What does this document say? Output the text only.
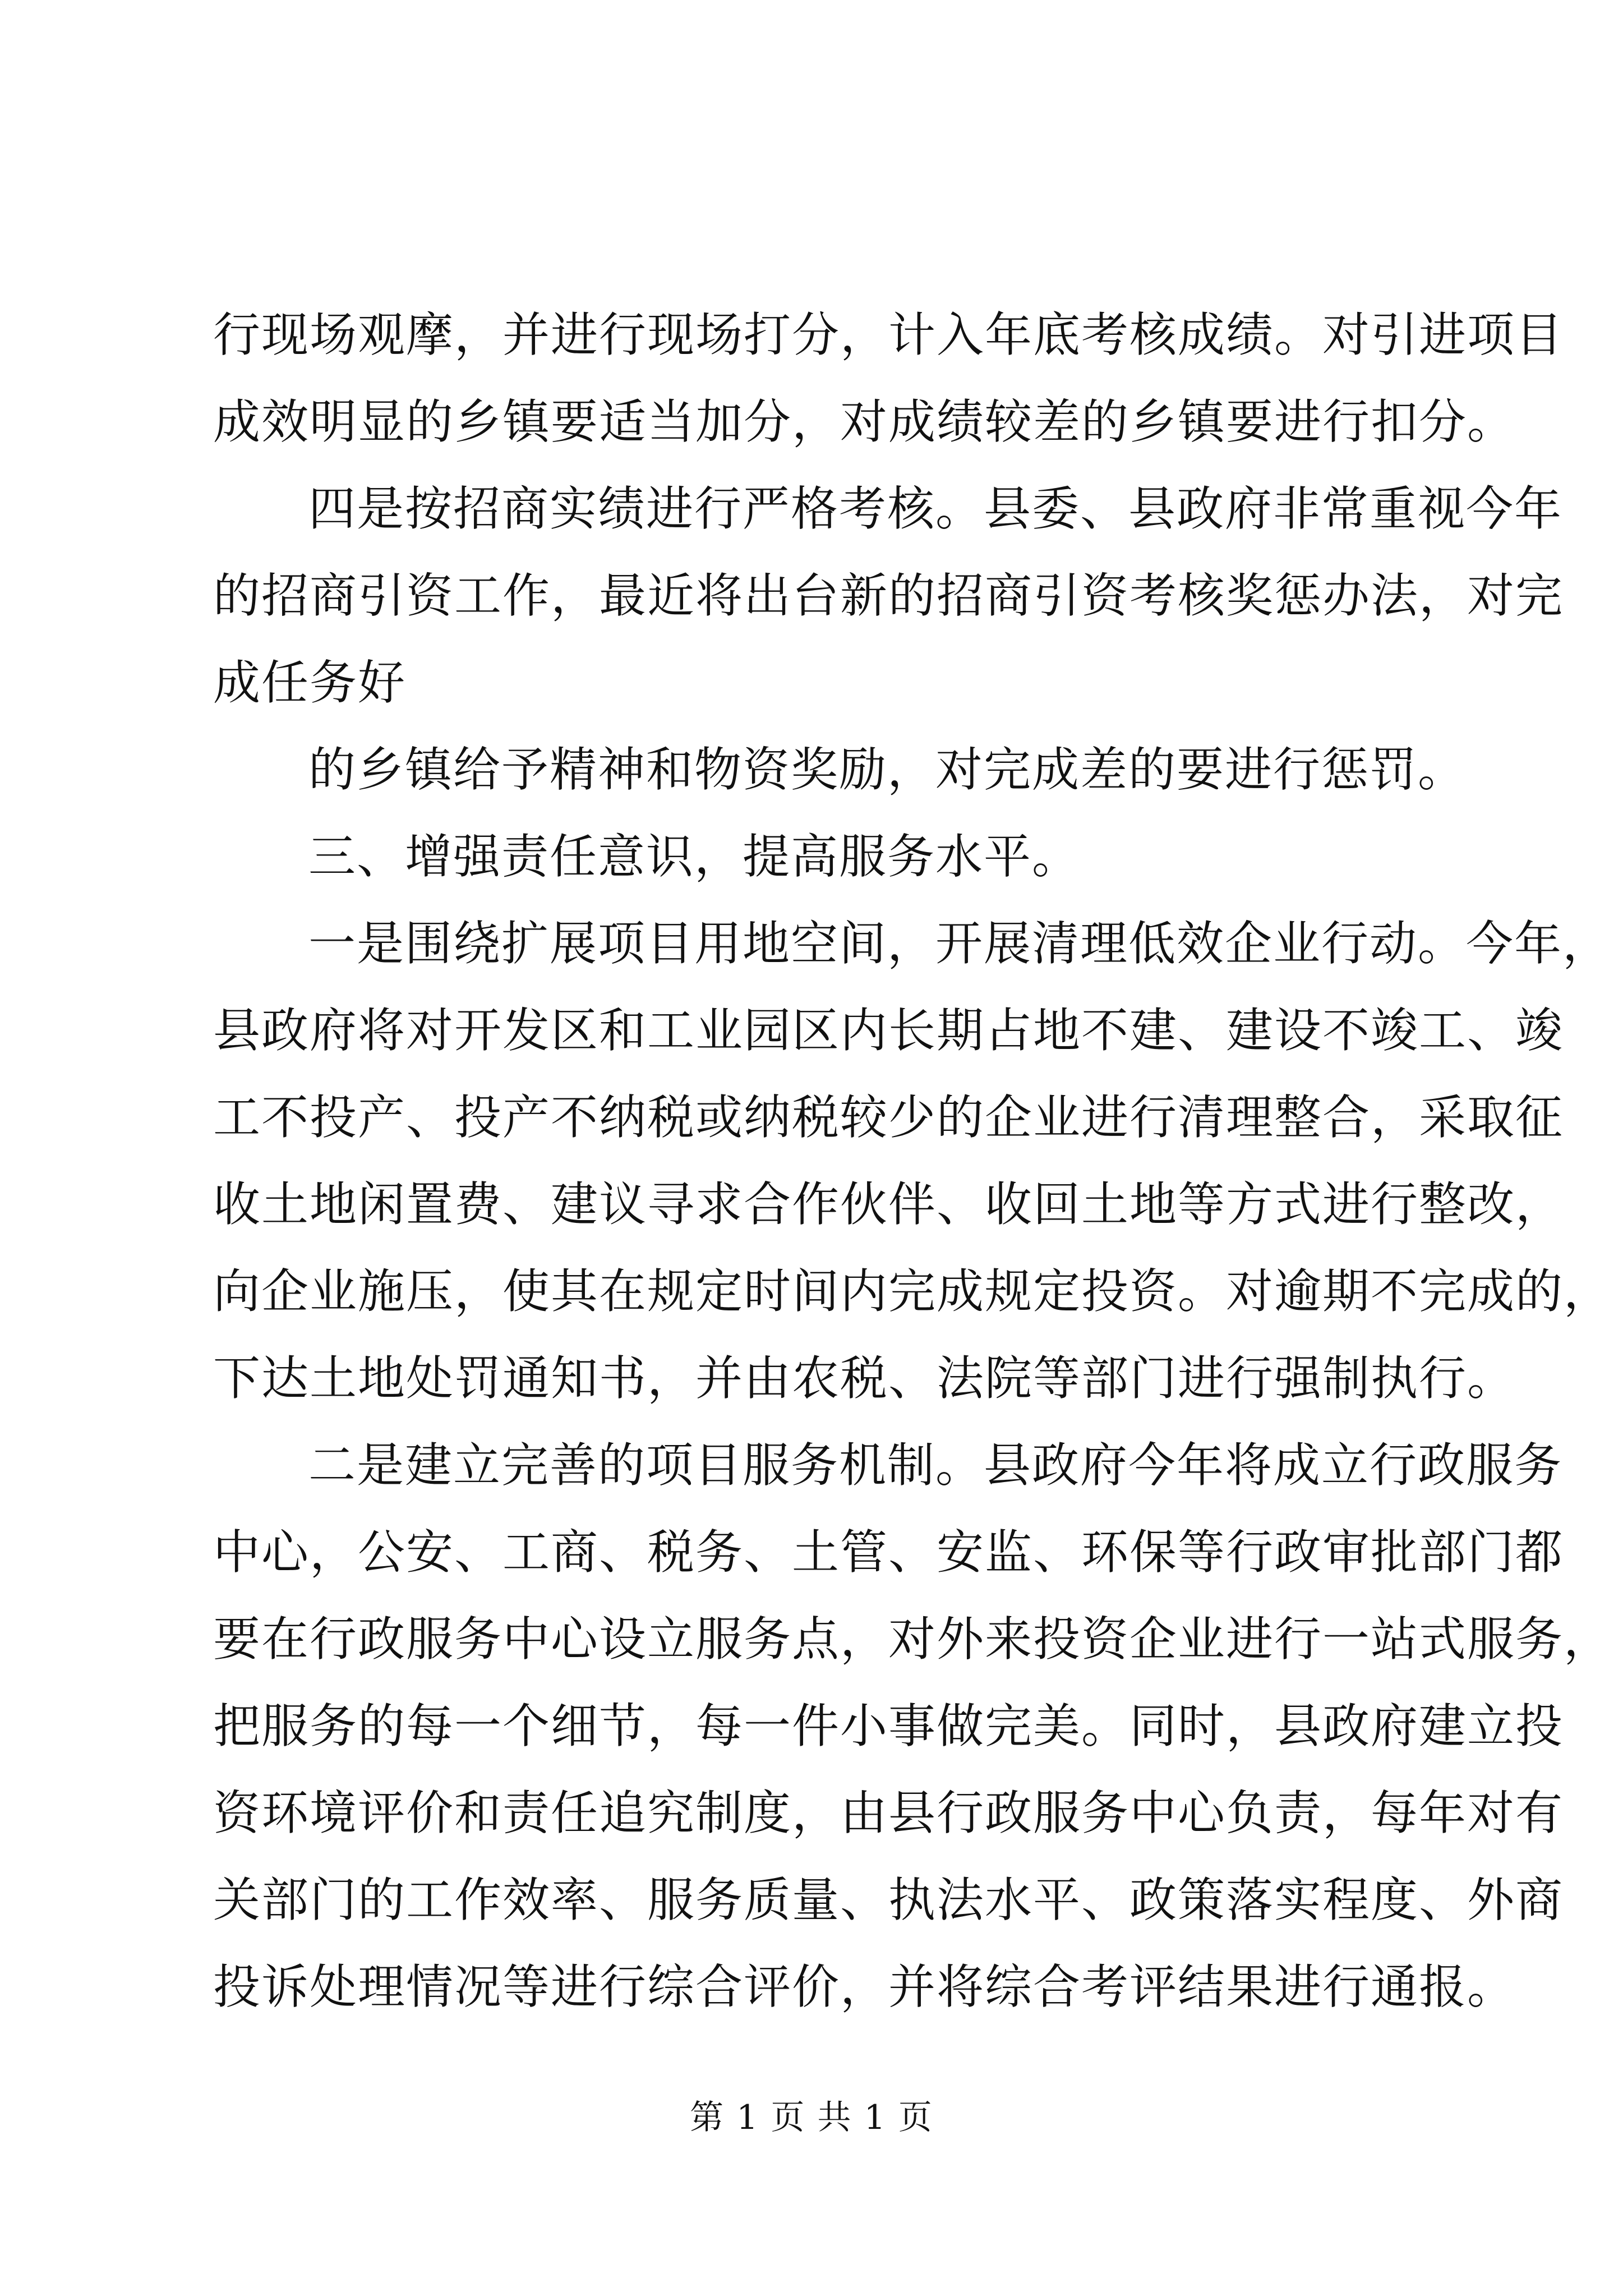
行现场观摩，并进行现场打分，计入年底考核成绩。对引进项目
成效明显的乡镇要适当加分，对成绩较差的乡镇要进行扣分。
四是按招商实绩进行严格考核。县委、县政府非常重视今年
的招商引资工作，最近将出台新的招商引资考核奖惩办法，对完
成任务好
的乡镇给予精神和物资奖励，对完成差的要进行惩罚。
三、增强责任意识，提高服务水平。
一是围绕扩展项目用地空间，开展清理低效企业行动。今年，
县政府将对开发区和工业园区内长期占地不建、建设不竣工、竣
工不投产、投产不纳税或纳税较少的企业进行清理整合，采取征
收土地闲置费、建议寻求合作伙伴、收回土地等方式进行整改，
向企业施压，使其在规定时间内完成规定投资。对逾期不完成的，
下达土地处罚通知书，并由农税、法院等部门进行强制执行。
二是建立完善的项目服务机制。县政府今年将成立行政服务
中心，公安、工商、税务、土管、安监、环保等行政审批部门都
要在行政服务中心设立服务点，对外来投资企业进行一站式服务，
把服务的每一个细节，每一件小事做完美。同时，县政府建立投
资环境评价和责任追究制度，由县行政服务中心负责，每年对有
关部门的工作效率、服务质量、执法水平、政策落实程度、外商
投诉处理情况等进行综合评价，并将综合考评结果进行通报。
第 1 页 共 1 页
